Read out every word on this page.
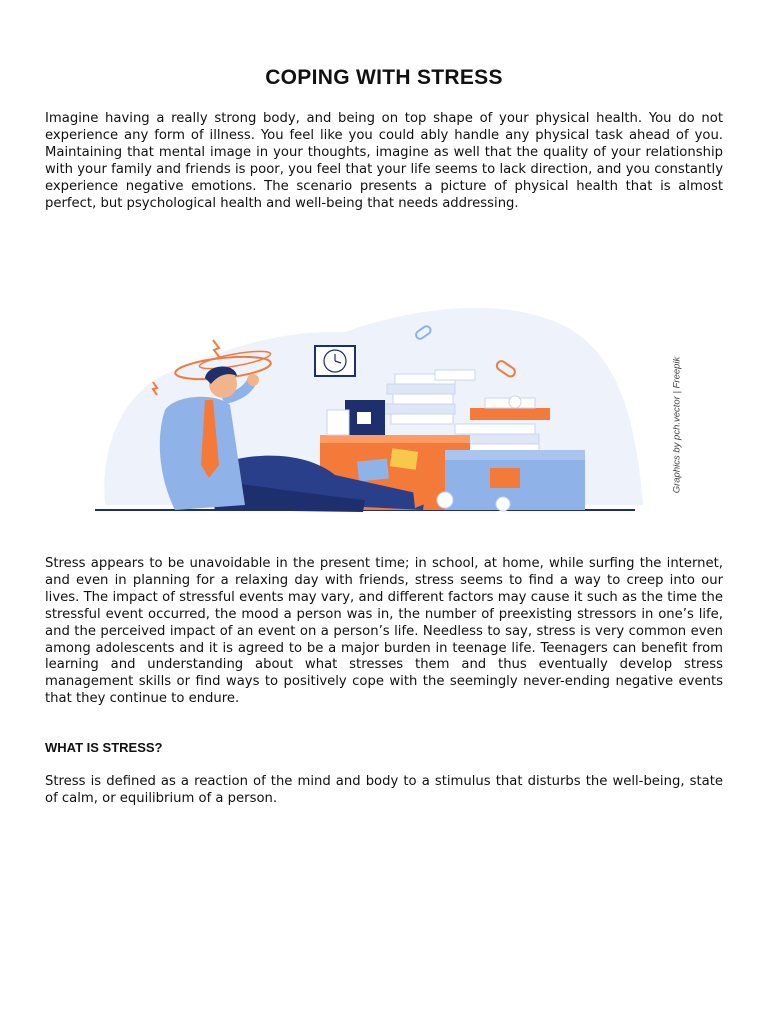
COPING WITH STRESS

Imagine having a really strong body, and being on top shape of your physical health. You do not experience any form of illness. You feel like you could ably handle any physical task ahead of you. Maintaining that mental image in your thoughts, imagine as well that the quality of your relationship with your family and friends is poor, you feel that your life seems to lack direction, and you constantly experience negative emotions. The scenario presents a picture of physical health that is almost perfect, but psychological health and well-being that needs addressing.

Graphics by pch.vector | Freepik

Stress appears to be unavoidable in the present time; in school, at home, while surfing the internet, and even in planning for a relaxing day with friends, stress seems to find a way to creep into our lives. The impact of stressful events may vary, and different factors may cause it such as the time the stressful event occurred, the mood a person was in, the number of preexisting stressors in one’s life, and the perceived impact of an event on a person’s life. Needless to say, stress is very common even among adolescents and it is agreed to be a major burden in teenage life. Teenagers can benefit from learning and understanding about what stresses them and thus eventually develop stress management skills or find ways to positively cope with the seemingly never-ending negative events that they continue to endure.

WHAT IS STRESS?

Stress is defined as a reaction of the mind and body to a stimulus that disturbs the well-being, state of calm, or equilibrium of a person.
